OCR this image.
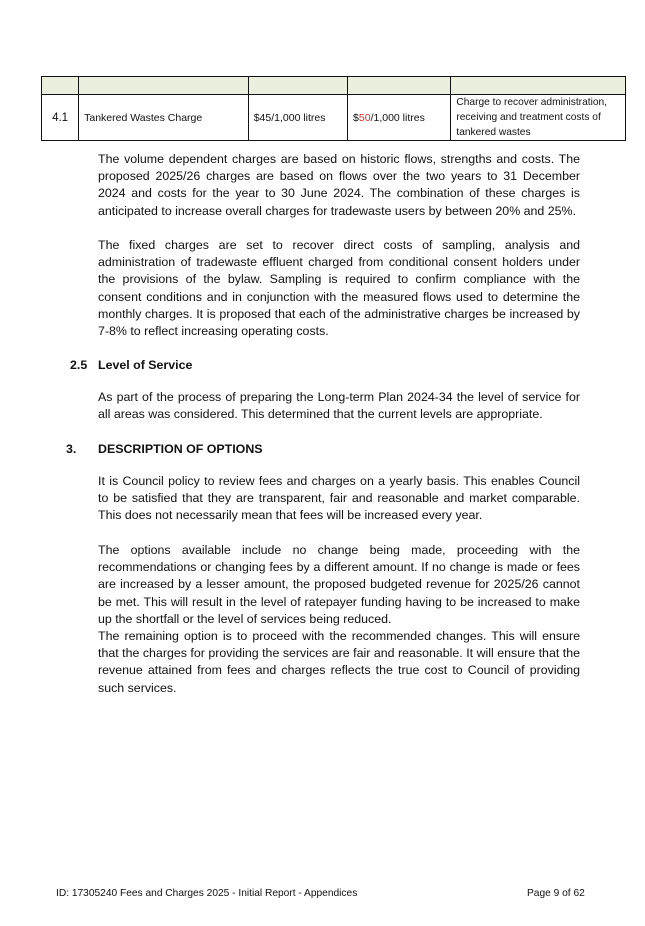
4.1	Tankered Wastes Charge	$45/1,000 litres	$50/1,000 litres	Charge to recover administration, receiving and treatment costs of tankered wastes

The volume dependent charges are based on historic flows, strengths and costs. The proposed 2025/26 charges are based on flows over the two years to 31 December 2024 and costs for the year to 30 June 2024. The combination of these charges is anticipated to increase overall charges for tradewaste users by between 20% and 25%.

The fixed charges are set to recover direct costs of sampling, analysis and administration of tradewaste effluent charged from conditional consent holders under the provisions of the bylaw. Sampling is required to confirm compliance with the consent conditions and in conjunction with the measured flows used to determine the monthly charges. It is proposed that each of the administrative charges be increased by 7-8% to reflect increasing operating costs.

2.5 Level of Service

As part of the process of preparing the Long-term Plan 2024-34 the level of service for all areas was considered. This determined that the current levels are appropriate.

3. DESCRIPTION OF OPTIONS

It is Council policy to review fees and charges on a yearly basis. This enables Council to be satisfied that they are transparent, fair and reasonable and market comparable. This does not necessarily mean that fees will be increased every year.

The options available include no change being made, proceeding with the recommendations or changing fees by a different amount. If no change is made or fees are increased by a lesser amount, the proposed budgeted revenue for 2025/26 cannot be met. This will result in the level of ratepayer funding having to be increased to make up the shortfall or the level of services being reduced.

The remaining option is to proceed with the recommended changes. This will ensure that the charges for providing the services are fair and reasonable. It will ensure that the revenue attained from fees and charges reflects the true cost to Council of providing such services.

ID: 17305240 Fees and Charges 2025 - Initial Report - Appendices	Page 9 of 62
